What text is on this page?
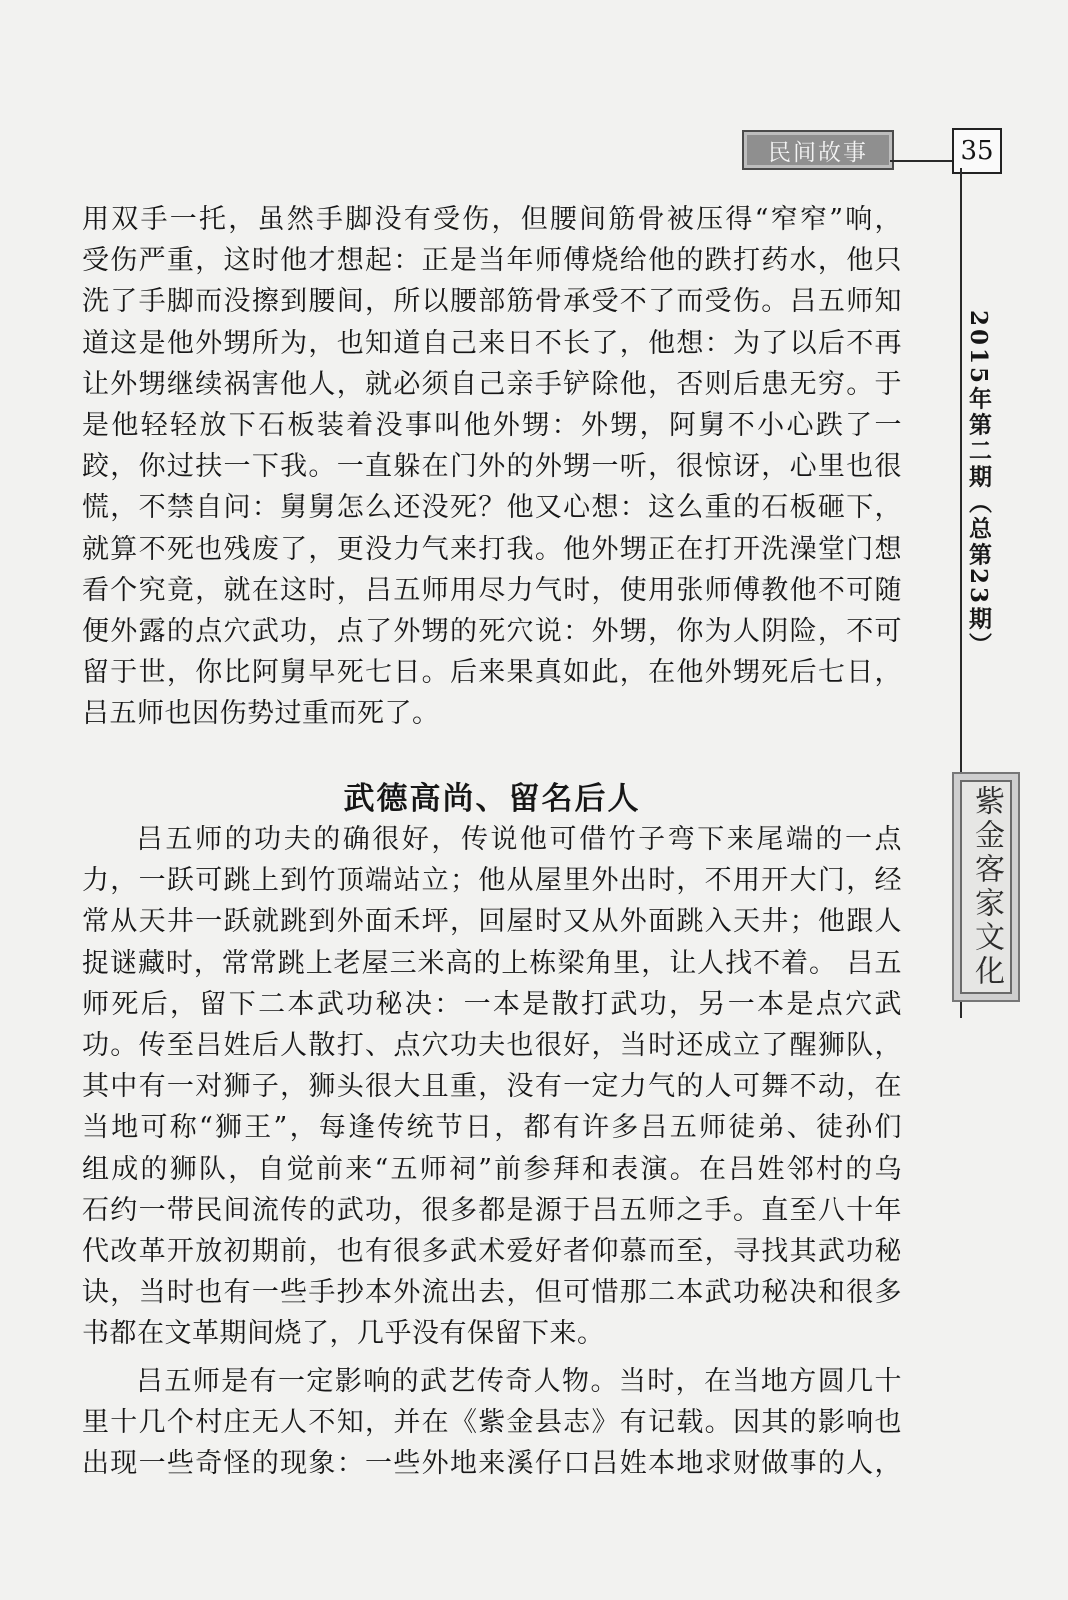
民间故事	35
2015年第二期（总第23期）
紫金客家文化
用双手一托，虽然手脚没有受伤，但腰间筋骨被压得“窄窄”响，
受伤严重，这时他才想起：正是当年师傅烧给他的跌打药水，他只
洗了手脚而没擦到腰间，所以腰部筋骨承受不了而受伤。吕五师知
道这是他外甥所为，也知道自己来日不长了，他想：为了以后不再
让外甥继续祸害他人，就必须自己亲手铲除他，否则后患无穷。于
是他轻轻放下石板装着没事叫他外甥：外甥，阿舅不小心跌了一
跤，你过扶一下我。一直躲在门外的外甥一听，很惊讶，心里也很
慌，不禁自问：舅舅怎么还没死？他又心想：这么重的石板砸下，
就算不死也残废了，更没力气来打我。他外甥正在打开洗澡堂门想
看个究竟，就在这时，吕五师用尽力气时，使用张师傅教他不可随
便外露的点穴武功，点了外甥的死穴说：外甥，你为人阴险，不可
留于世，你比阿舅早死七日。后来果真如此，在他外甥死后七日，
吕五师也因伤势过重而死了。
武德高尚、留名后人
吕五师的功夫的确很好，传说他可借竹子弯下来尾端的一点
力，一跃可跳上到竹顶端站立；他从屋里外出时，不用开大门，经
常从天井一跃就跳到外面禾坪，回屋时又从外面跳入天井；他跟人
捉谜藏时，常常跳上老屋三米高的上栋梁角里，让人找不着。 吕五
师死后，留下二本武功秘决：一本是散打武功，另一本是点穴武
功。传至吕姓后人散打、点穴功夫也很好，当时还成立了醒狮队，
其中有一对狮子，狮头很大且重，没有一定力气的人可舞不动，在
当地可称“狮王”，每逢传统节日，都有许多吕五师徒弟、徒孙们
组成的狮队，自觉前来“五师祠”前参拜和表演。在吕姓邻村的乌
石约一带民间流传的武功，很多都是源于吕五师之手。直至八十年
代改革开放初期前，也有很多武术爱好者仰慕而至，寻找其武功秘
诀，当时也有一些手抄本外流出去，但可惜那二本武功秘决和很多
书都在文革期间烧了，几乎没有保留下来。
吕五师是有一定影响的武艺传奇人物。当时，在当地方圆几十
里十几个村庄无人不知，并在《紫金县志》有记载。因其的影响也
出现一些奇怪的现象：一些外地来溪仔口吕姓本地求财做事的人，
